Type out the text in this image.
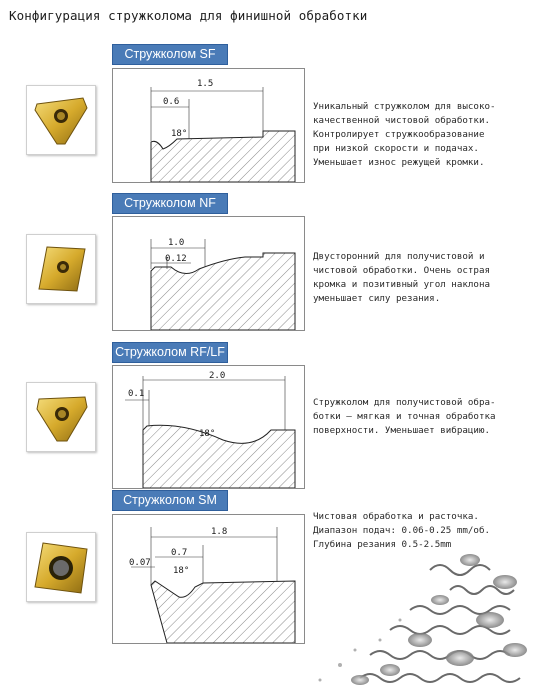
Конфигурация стружколома для финишной обработки
Стружколом SF
1.5
0.6
18°
Уникальный стружколом для высоко-
качественной чистовой обработки.
Контролирует стружкообразование
при низкой скорости и подачах.
Уменьшает износ режущей кромки.
Стружколом NF
1.0
0.12	Двусторонний для получистовой и
чистовой обработки. Очень острая
кромка и позитивный угол наклона
уменьшает силу резания.
Стружколом RF/LF
2.0
0.1
18°
Стружколом для получистовой обра-
ботки – мягкая и точная обработка
поверхности. Уменьшает вибрацию.
Стружколом SM
1.8
0.7
0.07
18°
Чистовая обработка и расточка.
Диапазон подач: 0.06-0.25 mm/об.
Глубина резания 0.5-2.5mm
